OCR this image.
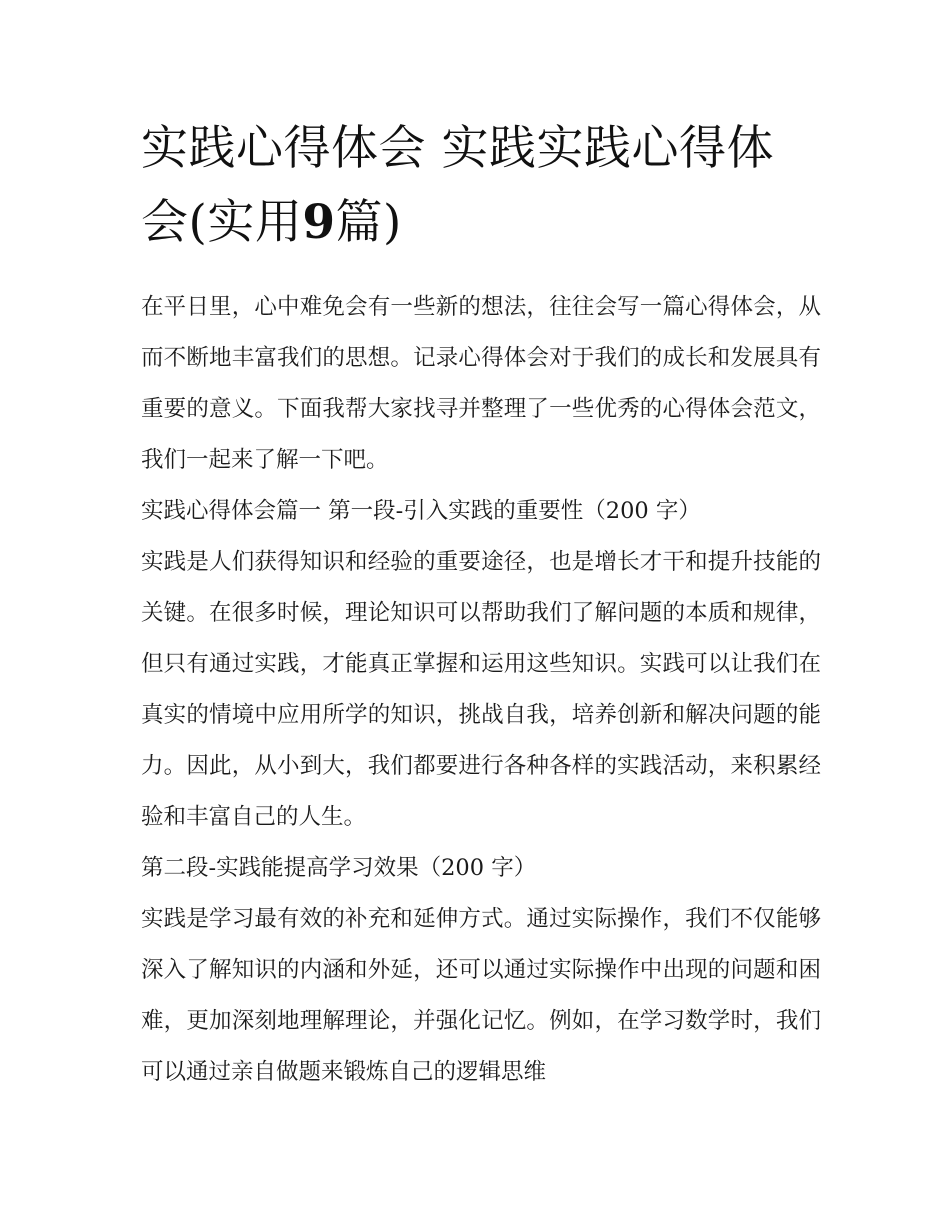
实践心得体会 实践实践心得体会(实用9篇)

在平日里，心中难免会有一些新的想法，往往会写一篇心得体会，从而不断地丰富我们的思想。记录心得体会对于我们的成长和发展具有重要的意义。下面我帮大家找寻并整理了一些优秀的心得体会范文，我们一起来了解一下吧。

实践心得体会篇一 第一段-引入实践的重要性（200 字）

实践是人们获得知识和经验的重要途径，也是增长才干和提升技能的关键。在很多时候，理论知识可以帮助我们了解问题的本质和规律，但只有通过实践，才能真正掌握和运用这些知识。实践可以让我们在真实的情境中应用所学的知识，挑战自我，培养创新和解决问题的能力。因此，从小到大，我们都要进行各种各样的实践活动，来积累经验和丰富自己的人生。

第二段-实践能提高学习效果（200 字）

实践是学习最有效的补充和延伸方式。通过实际操作，我们不仅能够深入了解知识的内涵和外延，还可以通过实际操作中出现的问题和困难，更加深刻地理解理论，并强化记忆。例如，在学习数学时，我们可以通过亲自做题来锻炼自己的逻辑思维
